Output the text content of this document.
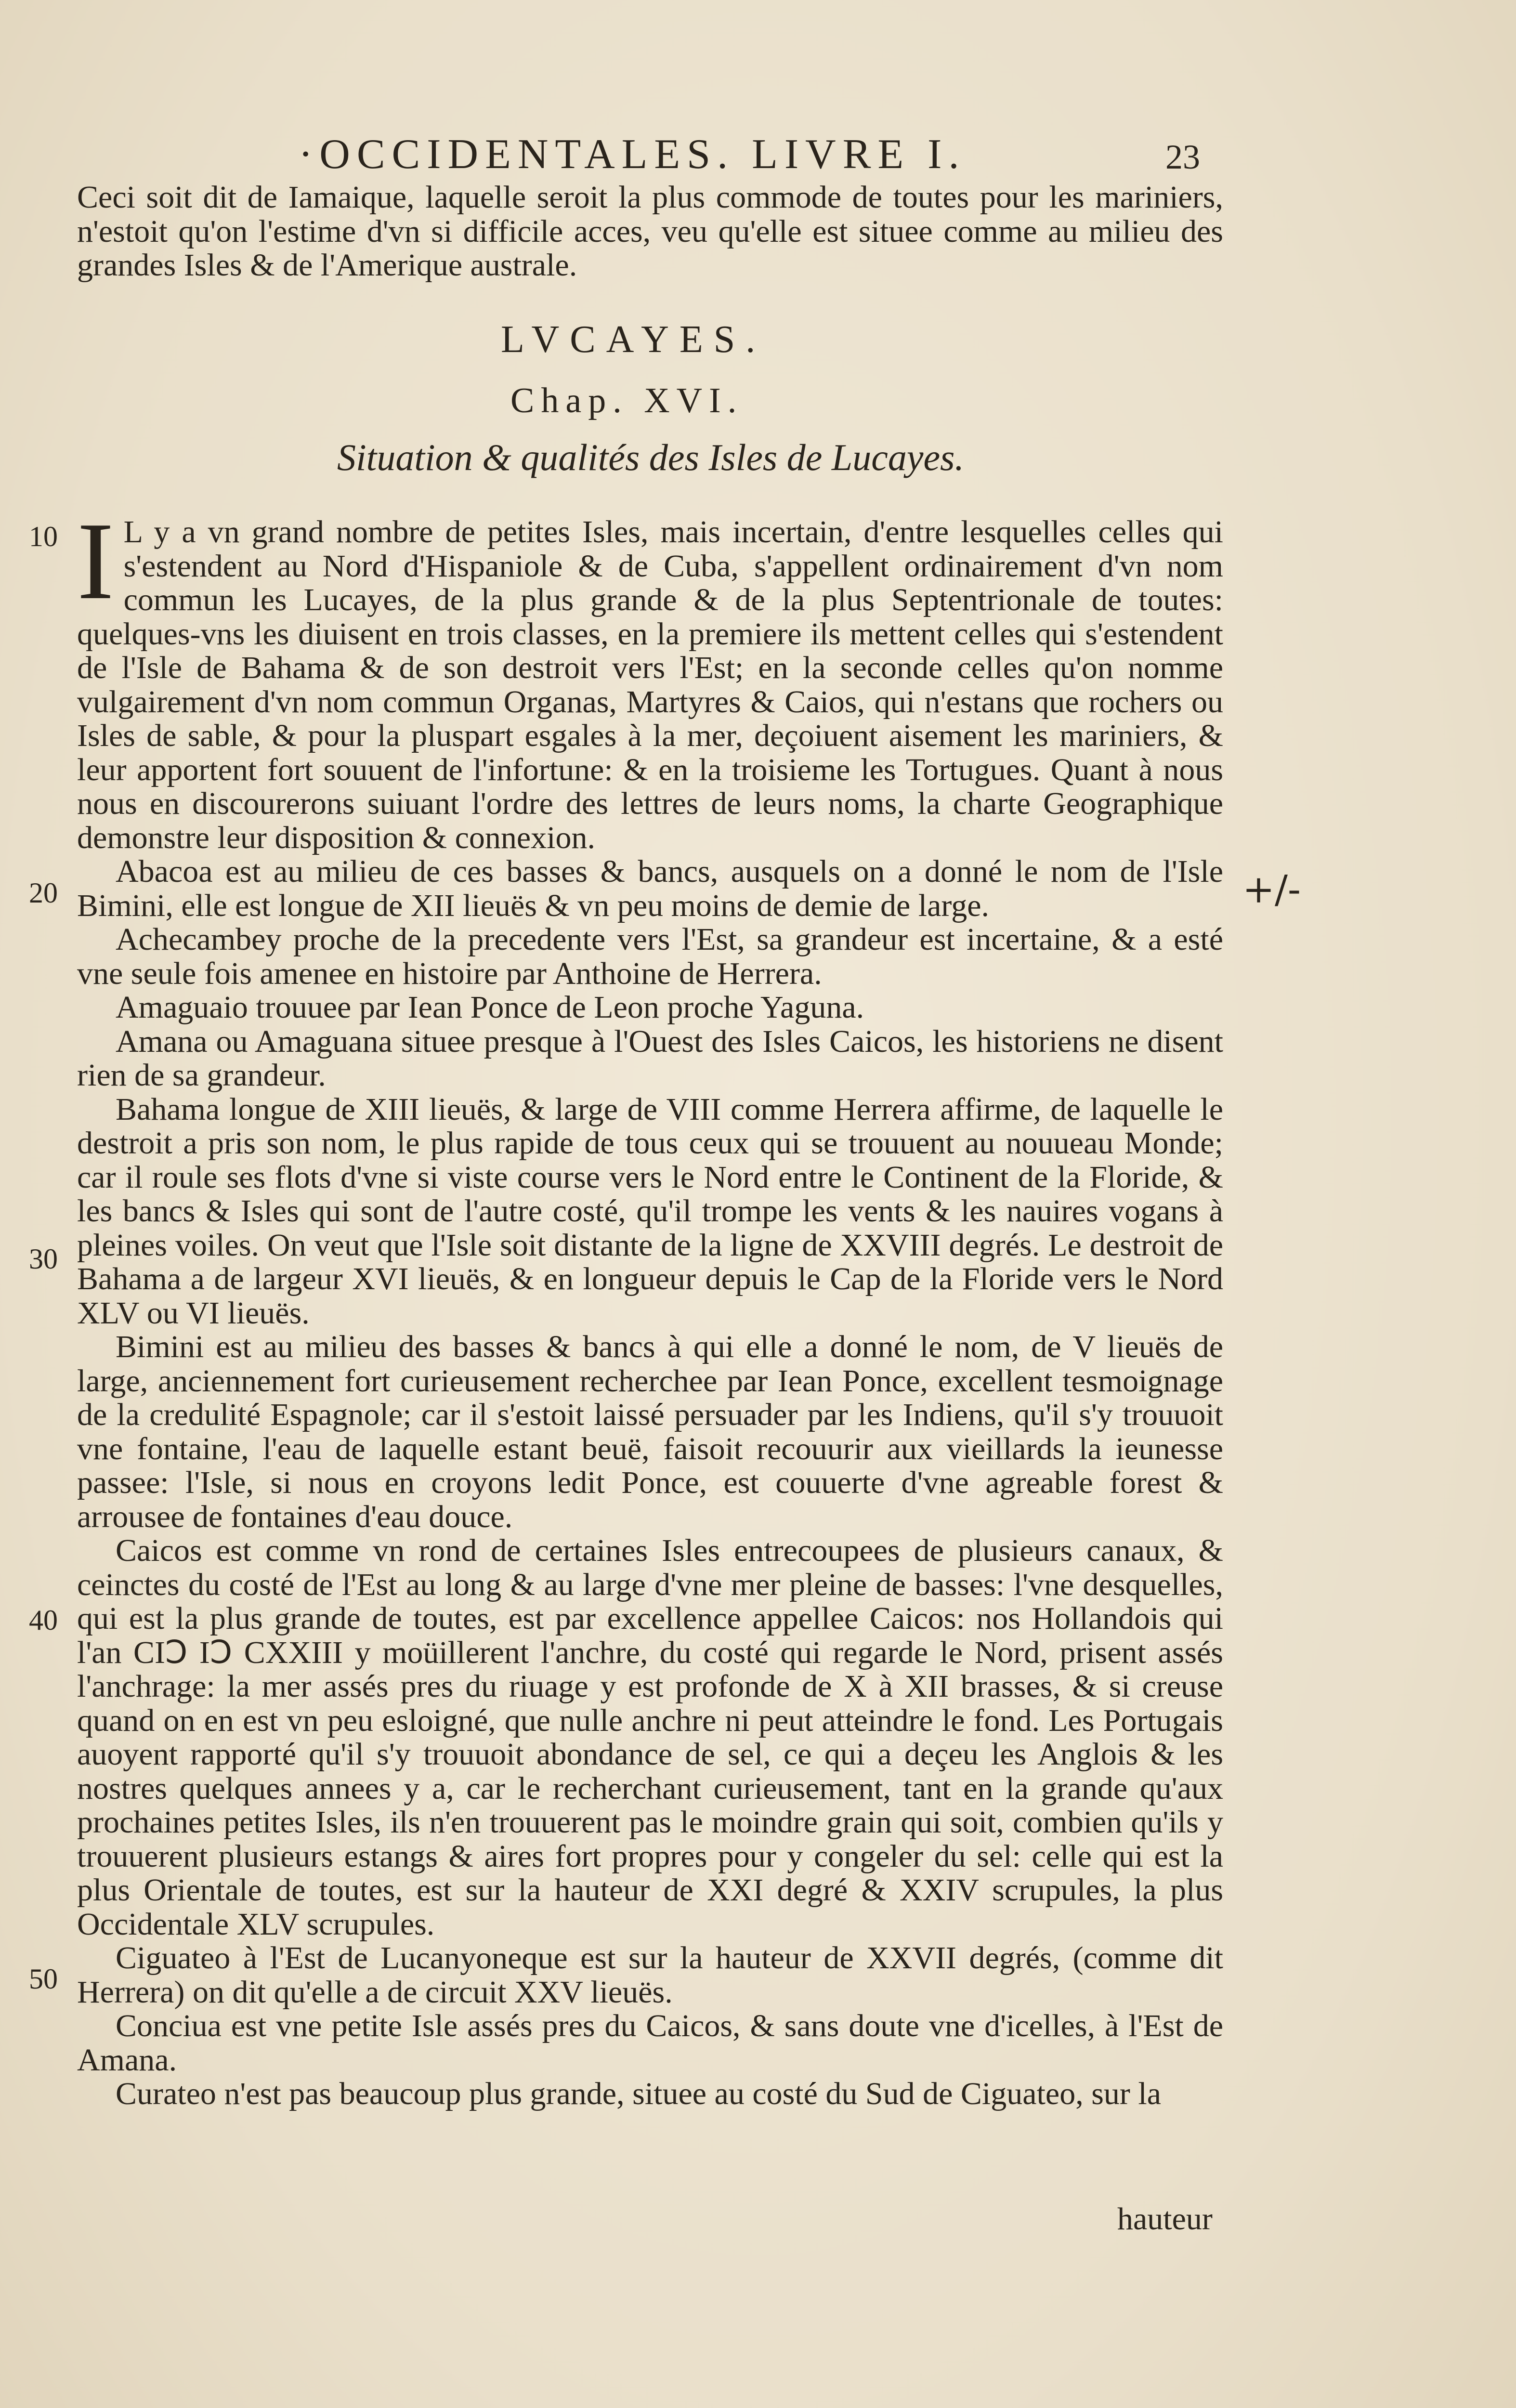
·OCCIDENTALES. LIVRE I.	23

Ceci soit dit de Iamaique, laquelle seroit la plus commode de toutes pour les mariniers, n'estoit qu'on l'estime d'vn si difficile acces, veu qu'elle est situee comme au milieu des grandes Isles & de l'Amerique australe.

LVCAYES.
Chap. XVI.
Situation & qualités des Isles de Lucayes.
10
20
30
40
50
+/-

I L y a vn grand nombre de petites Isles, mais incertain, d'entre lesquelles celles qui s'estendent au Nord d'Hispaniole & de Cuba, s'appellent ordinairement d'vn nom commun les Lucayes, de la plus grande & de la plus Septentrionale de toutes: quelques-vns les diuisent en trois classes, en la premiere ils mettent celles qui s'estendent de l'Isle de Bahama & de son destroit vers l'Est; en la seconde celles qu'on nomme vulgairement d'vn nom commun Organas, Martyres & Caios, qui n'estans que rochers ou Isles de sable, & pour la pluspart esgales à la mer, deçoiuent aisement les mariniers, & leur apportent fort souuent de l'infortune: & en la troisieme les Tortugues. Quant à nous nous en discourerons suiuant l'ordre des lettres de leurs noms, la charte Geographique demonstre leur disposition & connexion.

Abacoa est au milieu de ces basses & bancs, ausquels on a donné le nom de l'Isle Bimini, elle est longue de XII lieuës & vn peu moins de demie de large.

Achecambey proche de la precedente vers l'Est, sa grandeur est incertaine, & a esté vne seule fois amenee en histoire par Anthoine de Herrera.

Amaguaio trouuee par Iean Ponce de Leon proche Yaguna.

Amana ou Amaguana situee presque à l'Ouest des Isles Caicos, les historiens ne disent rien de sa grandeur.

Bahama longue de XIII lieuës, & large de VIII comme Herrera affirme, de laquelle le destroit a pris son nom, le plus rapide de tous ceux qui se trouuent au nouueau Monde; car il roule ses flots d'vne si viste course vers le Nord entre le Continent de la Floride, & les bancs & Isles qui sont de l'autre costé, qu'il trompe les vents & les nauires vogans à pleines voiles. On veut que l'Isle soit distante de la ligne de XXVIII degrés. Le destroit de Bahama a de largeur XVI lieuës, & en longueur depuis le Cap de la Floride vers le Nord XLV ou VI lieuës.

Bimini est au milieu des basses & bancs à qui elle a donné le nom, de V lieuës de large, anciennement fort curieusement recherchee par Iean Ponce, excellent tesmoignage de la credulité Espagnole; car il s'estoit laissé persuader par les Indiens, qu'il s'y trouuoit vne fontaine, l'eau de laquelle estant beuë, faisoit recouurir aux vieillards la ieunesse passee: l'Isle, si nous en croyons ledit Ponce, est couuerte d'vne agreable forest & arrousee de fontaines d'eau douce.

Caicos est comme vn rond de certaines Isles entrecoupees de plusieurs canaux, & ceinctes du costé de l'Est au long & au large d'vne mer pleine de basses: l'vne desquelles, qui est la plus grande de toutes, est par excellence appellee Caicos: nos Hollandois qui l'an CIↃ IↃ CXXIII y moüillerent l'anchre, du costé qui regarde le Nord, prisent assés l'anchrage: la mer assés pres du riuage y est profonde de X à XII brasses, & si creuse quand on en est vn peu esloigné, que nulle anchre ni peut atteindre le fond. Les Portugais auoyent rapporté qu'il s'y trouuoit abondance de sel, ce qui a deçeu les Anglois & les nostres quelques annees y a, car le recherchant curieusement, tant en la grande qu'aux prochaines petites Isles, ils n'en trouuerent pas le moindre grain qui soit, combien qu'ils y trouuerent plusieurs estangs & aires fort propres pour y congeler du sel: celle qui est la plus Orientale de toutes, est sur la hauteur de XXI degré & XXIV scrupules, la plus Occidentale XLV scrupules.

Ciguateo à l'Est de Lucanyoneque est sur la hauteur de XXVII degrés, (comme dit Herrera) on dit qu'elle a de circuit XXV lieuës.

Conciua est vne petite Isle assés pres du Caicos, & sans doute vne d'icelles, à l'Est de Amana.

Curateo n'est pas beaucoup plus grande, situee au costé du Sud de Ciguateo, sur la

hauteur
